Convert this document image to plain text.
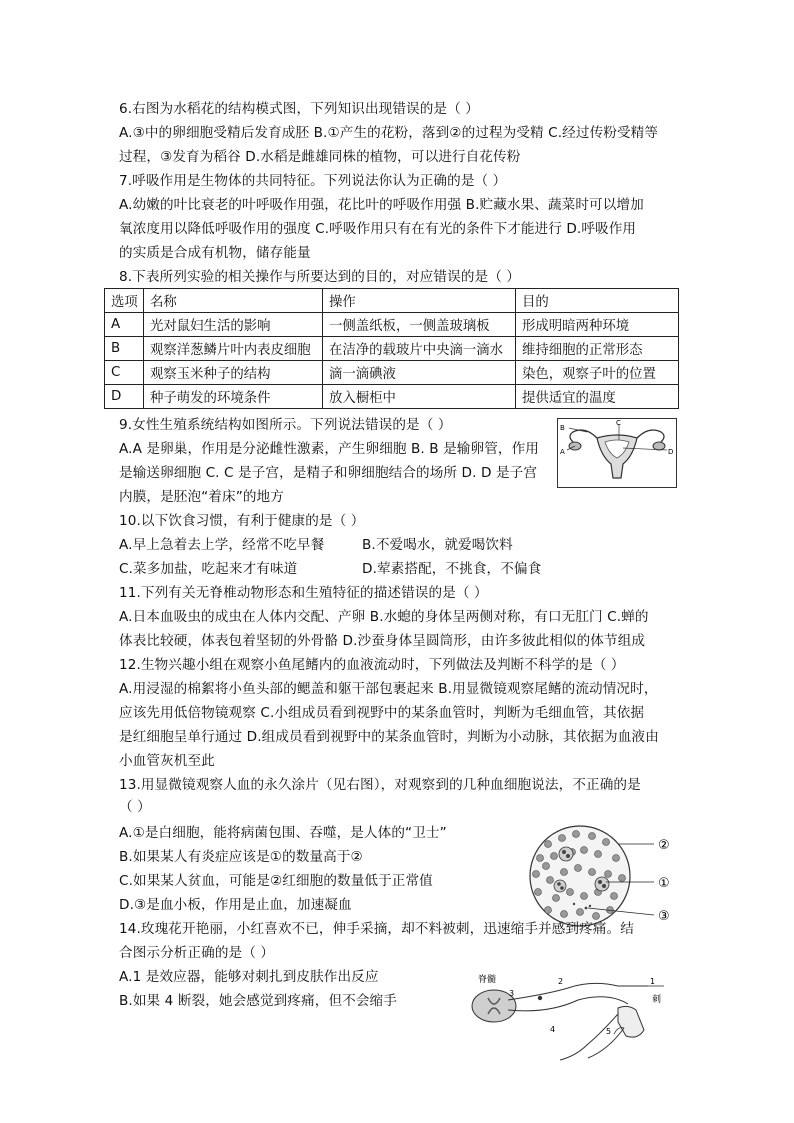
6.右图为水稻花的结构模式图，下列知识出现错误的是（ ）
A.③中的卵细胞受精后发育成胚 B.①产生的花粉，落到②的过程为受精 C.经过传粉受精等
过程，③发育为稻谷 D.水稻是雌雄同株的植物，可以进行自花传粉
7.呼吸作用是生物体的共同特征。下列说法你认为正确的是（ ）
A.幼嫩的叶比衰老的叶呼吸作用强，花比叶的呼吸作用强 B.贮藏水果、蔬菜时可以增加
氧浓度用以降低呼吸作用的强度 C.呼吸作用只有在有光的条件下才能进行 D.呼吸作用
的实质是合成有机物，储存能量
8.下表所列实验的相关操作与所要达到的目的，对应错误的是（ ）
选项	名称	操作	目的
A	光对鼠妇生活的影响	一侧盖纸板，一侧盖玻璃板	形成明暗两种环境
B	观察洋葱鳞片叶内表皮细胞	在洁净的载玻片中央滴一滴水	维持细胞的正常形态
C	观察玉米种子的结构	滴一滴碘液	染色，观察子叶的位置
D	种子萌发的环境条件	放入橱柜中	提供适宜的温度
9.女性生殖系统结构如图所示。下列说法错误的是（ ）
A.A 是卵巢，作用是分泌雌性激素，产生卵细胞 B. B 是输卵管，作用
是输送卵细胞 C. C 是子宫，是精子和卵细胞结合的场所 D. D 是子宫
内膜，是胚泡“着床”的地方
B
C
A	D
10.以下饮食习惯，有利于健康的是（ ）
A.早上急着去上学，经常不吃早餐	B.不爱喝水，就爱喝饮料
C.菜多加盐，吃起来才有味道	D.荤素搭配，不挑食，不偏食
11.下列有关无脊椎动物形态和生殖特征的描述错误的是（ ）
A.日本血吸虫的成虫在人体内交配、产卵 B.水螅的身体呈两侧对称，有口无肛门 C.蝉的
体表比较硬，体表包着坚韧的外骨骼 D.沙蚕身体呈圆筒形，由许多彼此相似的体节组成
12.生物兴趣小组在观察小鱼尾鳍内的血液流动时，下列做法及判断不科学的是（ ）
A.用浸湿的棉絮将小鱼头部的鳃盖和躯干部包裹起来 B.用显微镜观察尾鳍的流动情况时，
应该先用低倍物镜观察 C.小组成员看到视野中的某条血管时，判断为毛细血管，其依据
是红细胞呈单行通过 D.组成员看到视野中的某条血管时，判断为小动脉，其依据为血液由
小血管灰机至此
13.用显微镜观察人血的永久涂片（见右图），对观察到的几种血细胞说法，不正确的是
（ ）
A.①是白细胞，能将病菌包围、吞噬，是人体的“卫士”
B.如果某人有炎症应该是①的数量高于②
C.如果某人贫血，可能是②红细胞的数量低于正常值
D.③是血小板，作用是止血，加速凝血
②
①
③
14.玫瑰花开艳丽，小红喜欢不已，伸手采摘，却不料被刺，迅速缩手并感到疼痛。结
合图示分析正确的是（ ）
A.1 是效应器，能够对刺扎到皮肤作出反应
B.如果 4 断裂，她会感觉到疼痛，但不会缩手
脊髓
3
2	1
4	5
刺
